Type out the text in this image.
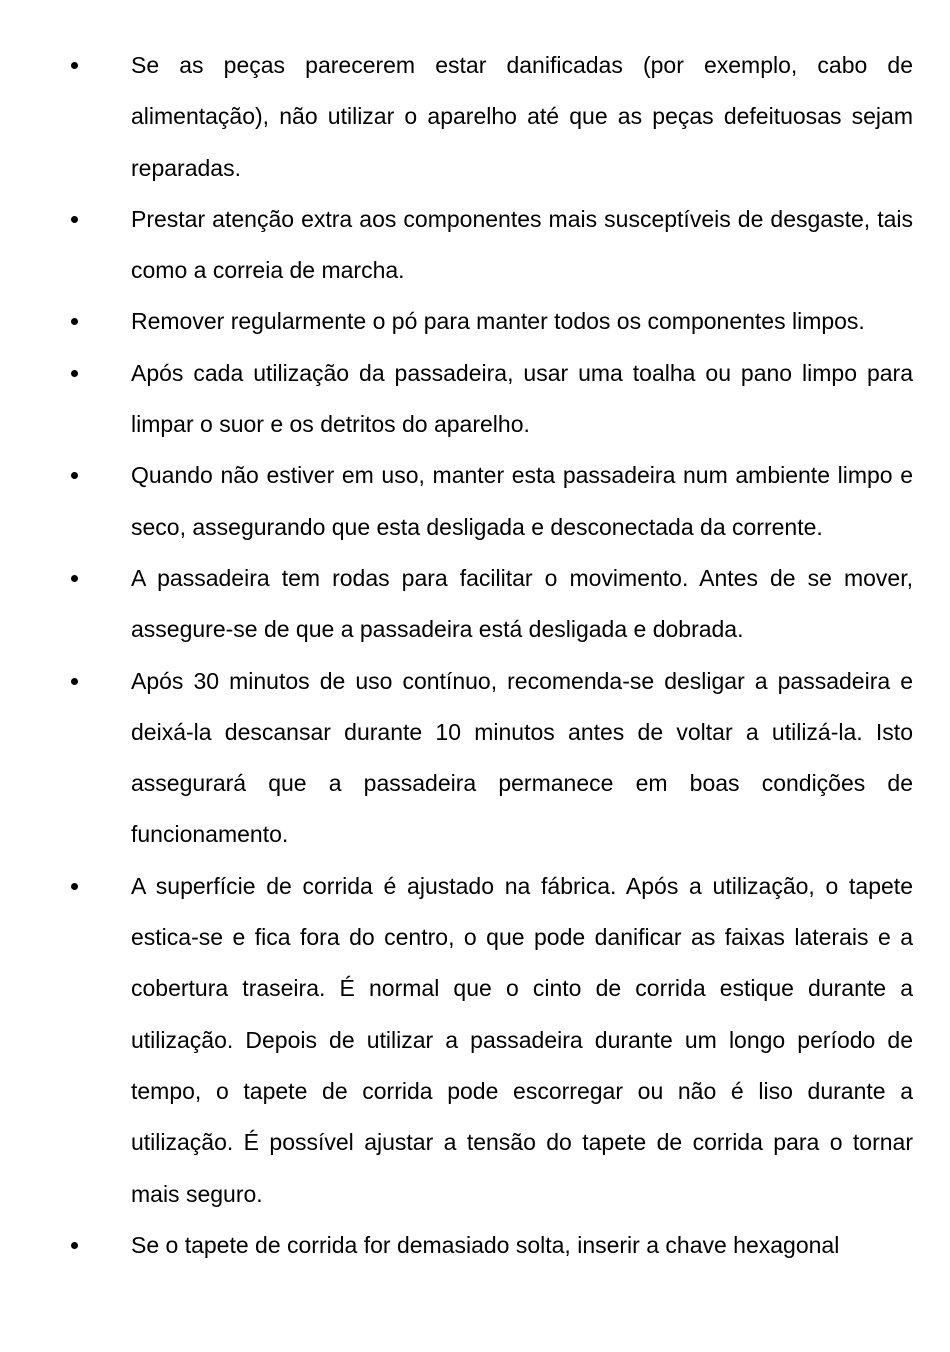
Se as peças parecerem estar danificadas (por exemplo, cabo de alimentação), não utilizar o aparelho até que as peças defeituosas sejam reparadas.
Prestar atenção extra aos componentes mais susceptíveis de desgaste, tais como a correia de marcha.
Remover regularmente o pó para manter todos os componentes limpos.
Após cada utilização da passadeira, usar uma toalha ou pano limpo para limpar o suor e os detritos do aparelho.
Quando não estiver em uso, manter esta passadeira num ambiente limpo e seco, assegurando que esta desligada e desconectada da corrente.
A passadeira tem rodas para facilitar o movimento. Antes de se mover, assegure-se de que a passadeira está desligada e dobrada.
Após 30 minutos de uso contínuo, recomenda-se desligar a passadeira e deixá-la descansar durante 10 minutos antes de voltar a utilizá-la. Isto assegurará que a passadeira permanece em boas condições de funcionamento.
A superfície de corrida é ajustado na fábrica. Após a utilização, o tapete estica-se e fica fora do centro, o que pode danificar as faixas laterais e a cobertura traseira. É normal que o cinto de corrida estique durante a utilização. Depois de utilizar a passadeira durante um longo período de tempo, o tapete de corrida pode escorregar ou não é liso durante a utilização. É possível ajustar a tensão do tapete de corrida para o tornar mais seguro.
Se o tapete de corrida for demasiado solta, inserir a chave hexagonal
